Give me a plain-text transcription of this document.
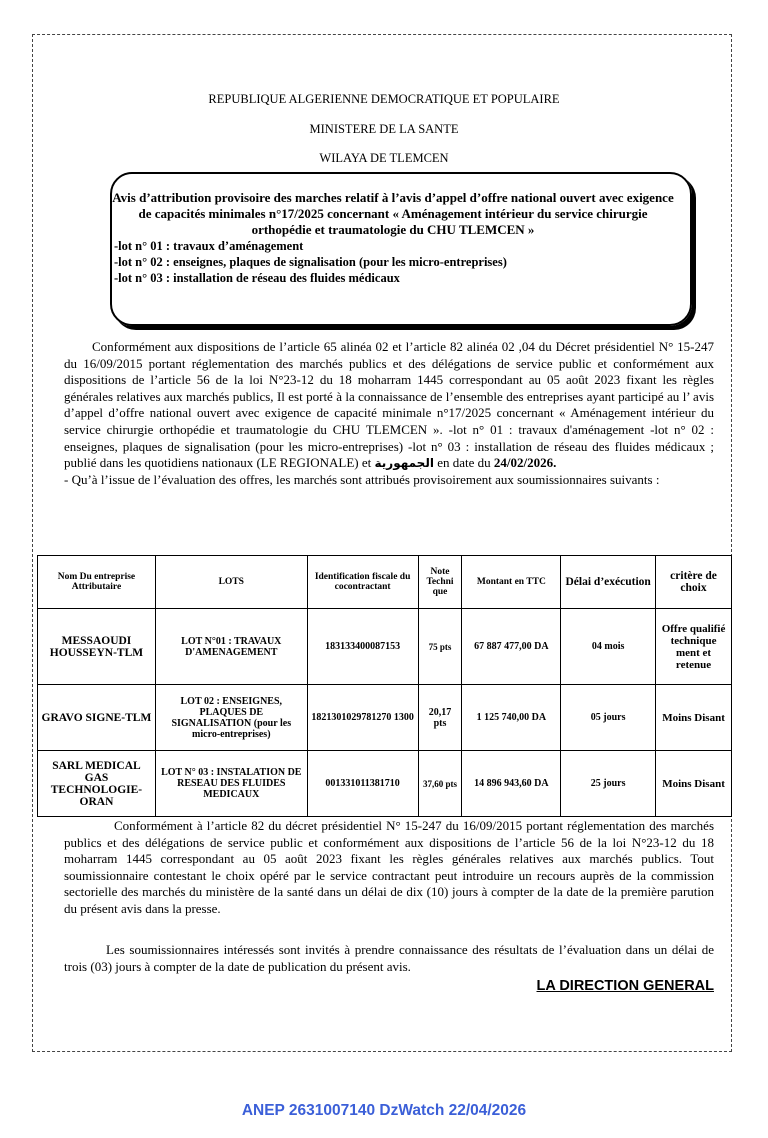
REPUBLIQUE ALGERIENNE DEMOCRATIQUE ET POPULAIRE
MINISTERE DE LA SANTE
WILAYA DE TLEMCEN
Avis d’attribution provisoire des marches relatif à l’avis d’appel d’offre national ouvert avec exigence de capacités minimales n°17/2025 concernant « Aménagement intérieur du service chirurgie orthopédie et traumatologie du CHU TLEMCEN »
-lot n° 01 : travaux d’aménagement
-lot n° 02 : enseignes, plaques de signalisation (pour les micro-entreprises)
-lot n° 03 : installation de réseau des fluides médicaux
Conformément aux dispositions de l’article 65 alinéa 02 et l’article 82 alinéa 02 ,04 du Décret présidentiel N° 15-247 du 16/09/2015 portant réglementation des marchés publics et des délégations de service public et conformément aux dispositions de l’article 56 de la loi N°23-12 du 18 moharram 1445 correspondant au 05 août 2023 fixant les règles générales relatives aux marchés publics, Il est porté à la connaissance de l’ensemble des entreprises ayant participé au l’ avis d’appel d’offre national ouvert avec exigence de capacité minimale n°17/2025 concernant « Aménagement intérieur du service chirurgie orthopédie et traumatologie du CHU TLEMCEN ». -lot n° 01 : travaux d'aménagement -lot n° 02 : enseignes, plaques de signalisation (pour les micro-entreprises) -lot n° 03 : installation de réseau des fluides médicaux ; publié dans les quotidiens nationaux (LE REGIONALE) et الجمهورية en date du 24/02/2026.
- Qu’à l’issue de l’évaluation des offres, les marchés sont attribués provisoirement aux soumissionnaires suivants :
Nom Du entreprise Attributaire	LOTS	Identification fiscale du cocontractant	Note Techni que	Montant en TTC	Délai d’exécution	critère de choix
MESSAOUDI HOUSSEYN-TLM	LOT N°01 : TRAVAUX D'AMENAGEMENT	183133400087153	75 pts	67 887 477,00 DA	04 mois	Offre qualifié technique ment et retenue
GRAVO SIGNE-TLM	LOT 02 : ENSEIGNES, PLAQUES DE SIGNALISATION (pour les micro-entreprises)	1821301029781270 1300	20,17 pts	1 125 740,00 DA	05 jours	Moins Disant
SARL MEDICAL GAS TECHNOLOGIE-ORAN	LOT N° 03 : INSTALATION DE RESEAU DES FLUIDES MEDICAUX	001331011381710	37,60 pts	14 896 943,60 DA	25 jours	Moins Disant
Conformément à l’article 82 du décret présidentiel N° 15-247 du 16/09/2015 portant réglementation des marchés publics et des délégations de service public et conformément aux dispositions de l’article 56 de la loi N°23-12 du 18 moharram 1445 correspondant au 05 août 2023 fixant les règles générales relatives aux marchés publics. Tout soumissionnaire contestant le choix opéré par le service contractant peut introduire un recours auprès de la commission sectorielle des marchés du ministère de la santé dans un délai de dix (10) jours à compter de la date de la première parution du présent avis dans la presse.
Les soumissionnaires intéressés sont invités à prendre connaissance des résultats de l’évaluation dans un délai de trois (03) jours à compter de la date de publication du présent avis.
LA DIRECTION GENERAL
ANEP 2631007140 DzWatch 22/04/2026
